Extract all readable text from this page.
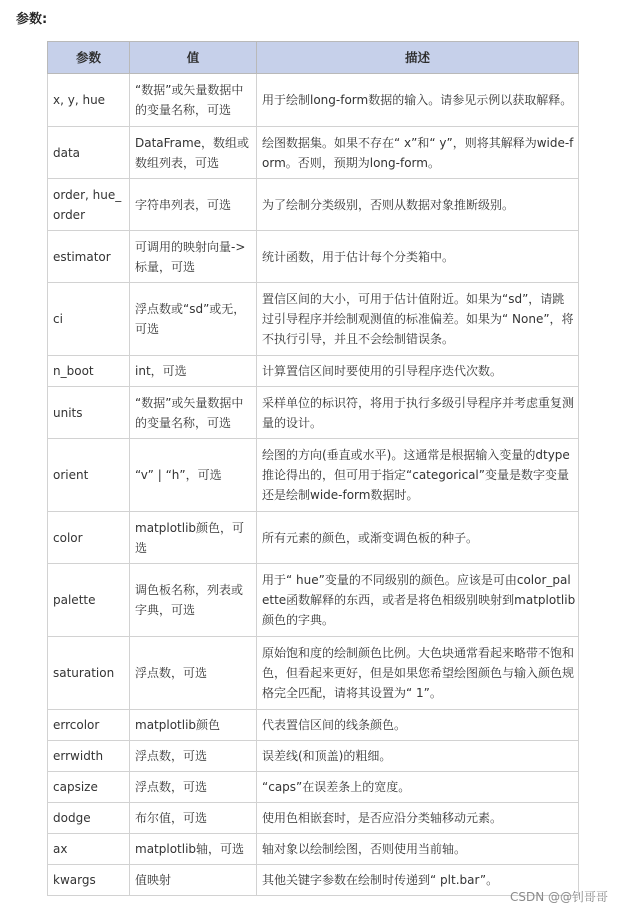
参数:
参数	值	描述
x, y, hue	“数据”或矢量数据中的变量名称，可选	用于绘制long-form数据的输入。请参见示例以获取解释。
data	DataFrame，数组或数组列表，可选	绘图数据集。如果不存在“ x”和“ y”，则将其解释为wide-form。否则，预期为long-form。
order, hue_order	字符串列表，可选	为了绘制分类级别，否则从数据对象推断级别。
estimator	可调用的映射向量->标量，可选	统计函数，用于估计每个分类箱中。
ci	浮点数或“sd”或无，可选	置信区间的大小，可用于估计值附近。如果为“sd”，请跳过引导程序并绘制观测值的标准偏差。如果为“ None”，将不执行引导，并且不会绘制错误条。
n_boot	int，可选	计算置信区间时要使用的引导程序迭代次数。
units	“数据”或矢量数据中的变量名称，可选	采样单位的标识符，将用于执行多级引导程序并考虑重复测量的设计。
orient	“v” | “h”，可选	绘图的方向(垂直或水平)。这通常是根据输入变量的dtype推论得出的，但可用于指定“categorical”变量是数字变量还是绘制wide-form数据时。
color	matplotlib颜色，可选	所有元素的颜色，或渐变调色板的种子。
palette	调色板名称，列表或字典，可选	用于“ hue”变量的不同级别的颜色。应该是可由color_palette函数解释的东西，或者是将色相级别映射到matplotlib颜色的字典。
saturation	浮点数，可选	原始饱和度的绘制颜色比例。大色块通常看起来略带不饱和色，但看起来更好，但是如果您希望绘图颜色与输入颜色规格完全匹配，请将其设置为“ 1”。
errcolor	matplotlib颜色	代表置信区间的线条颜色。
errwidth	浮点数，可选	误差线(和顶盖)的粗细。
capsize	浮点数，可选	“caps”在误差条上的宽度。
dodge	布尔值，可选	使用色相嵌套时，是否应沿分类轴移动元素。
ax	matplotlib轴，可选	轴对象以绘制绘图，否则使用当前轴。
kwargs	值映射	其他关键字参数在绘制时传递到“ plt.bar”。
CSDN @@钊哥哥
